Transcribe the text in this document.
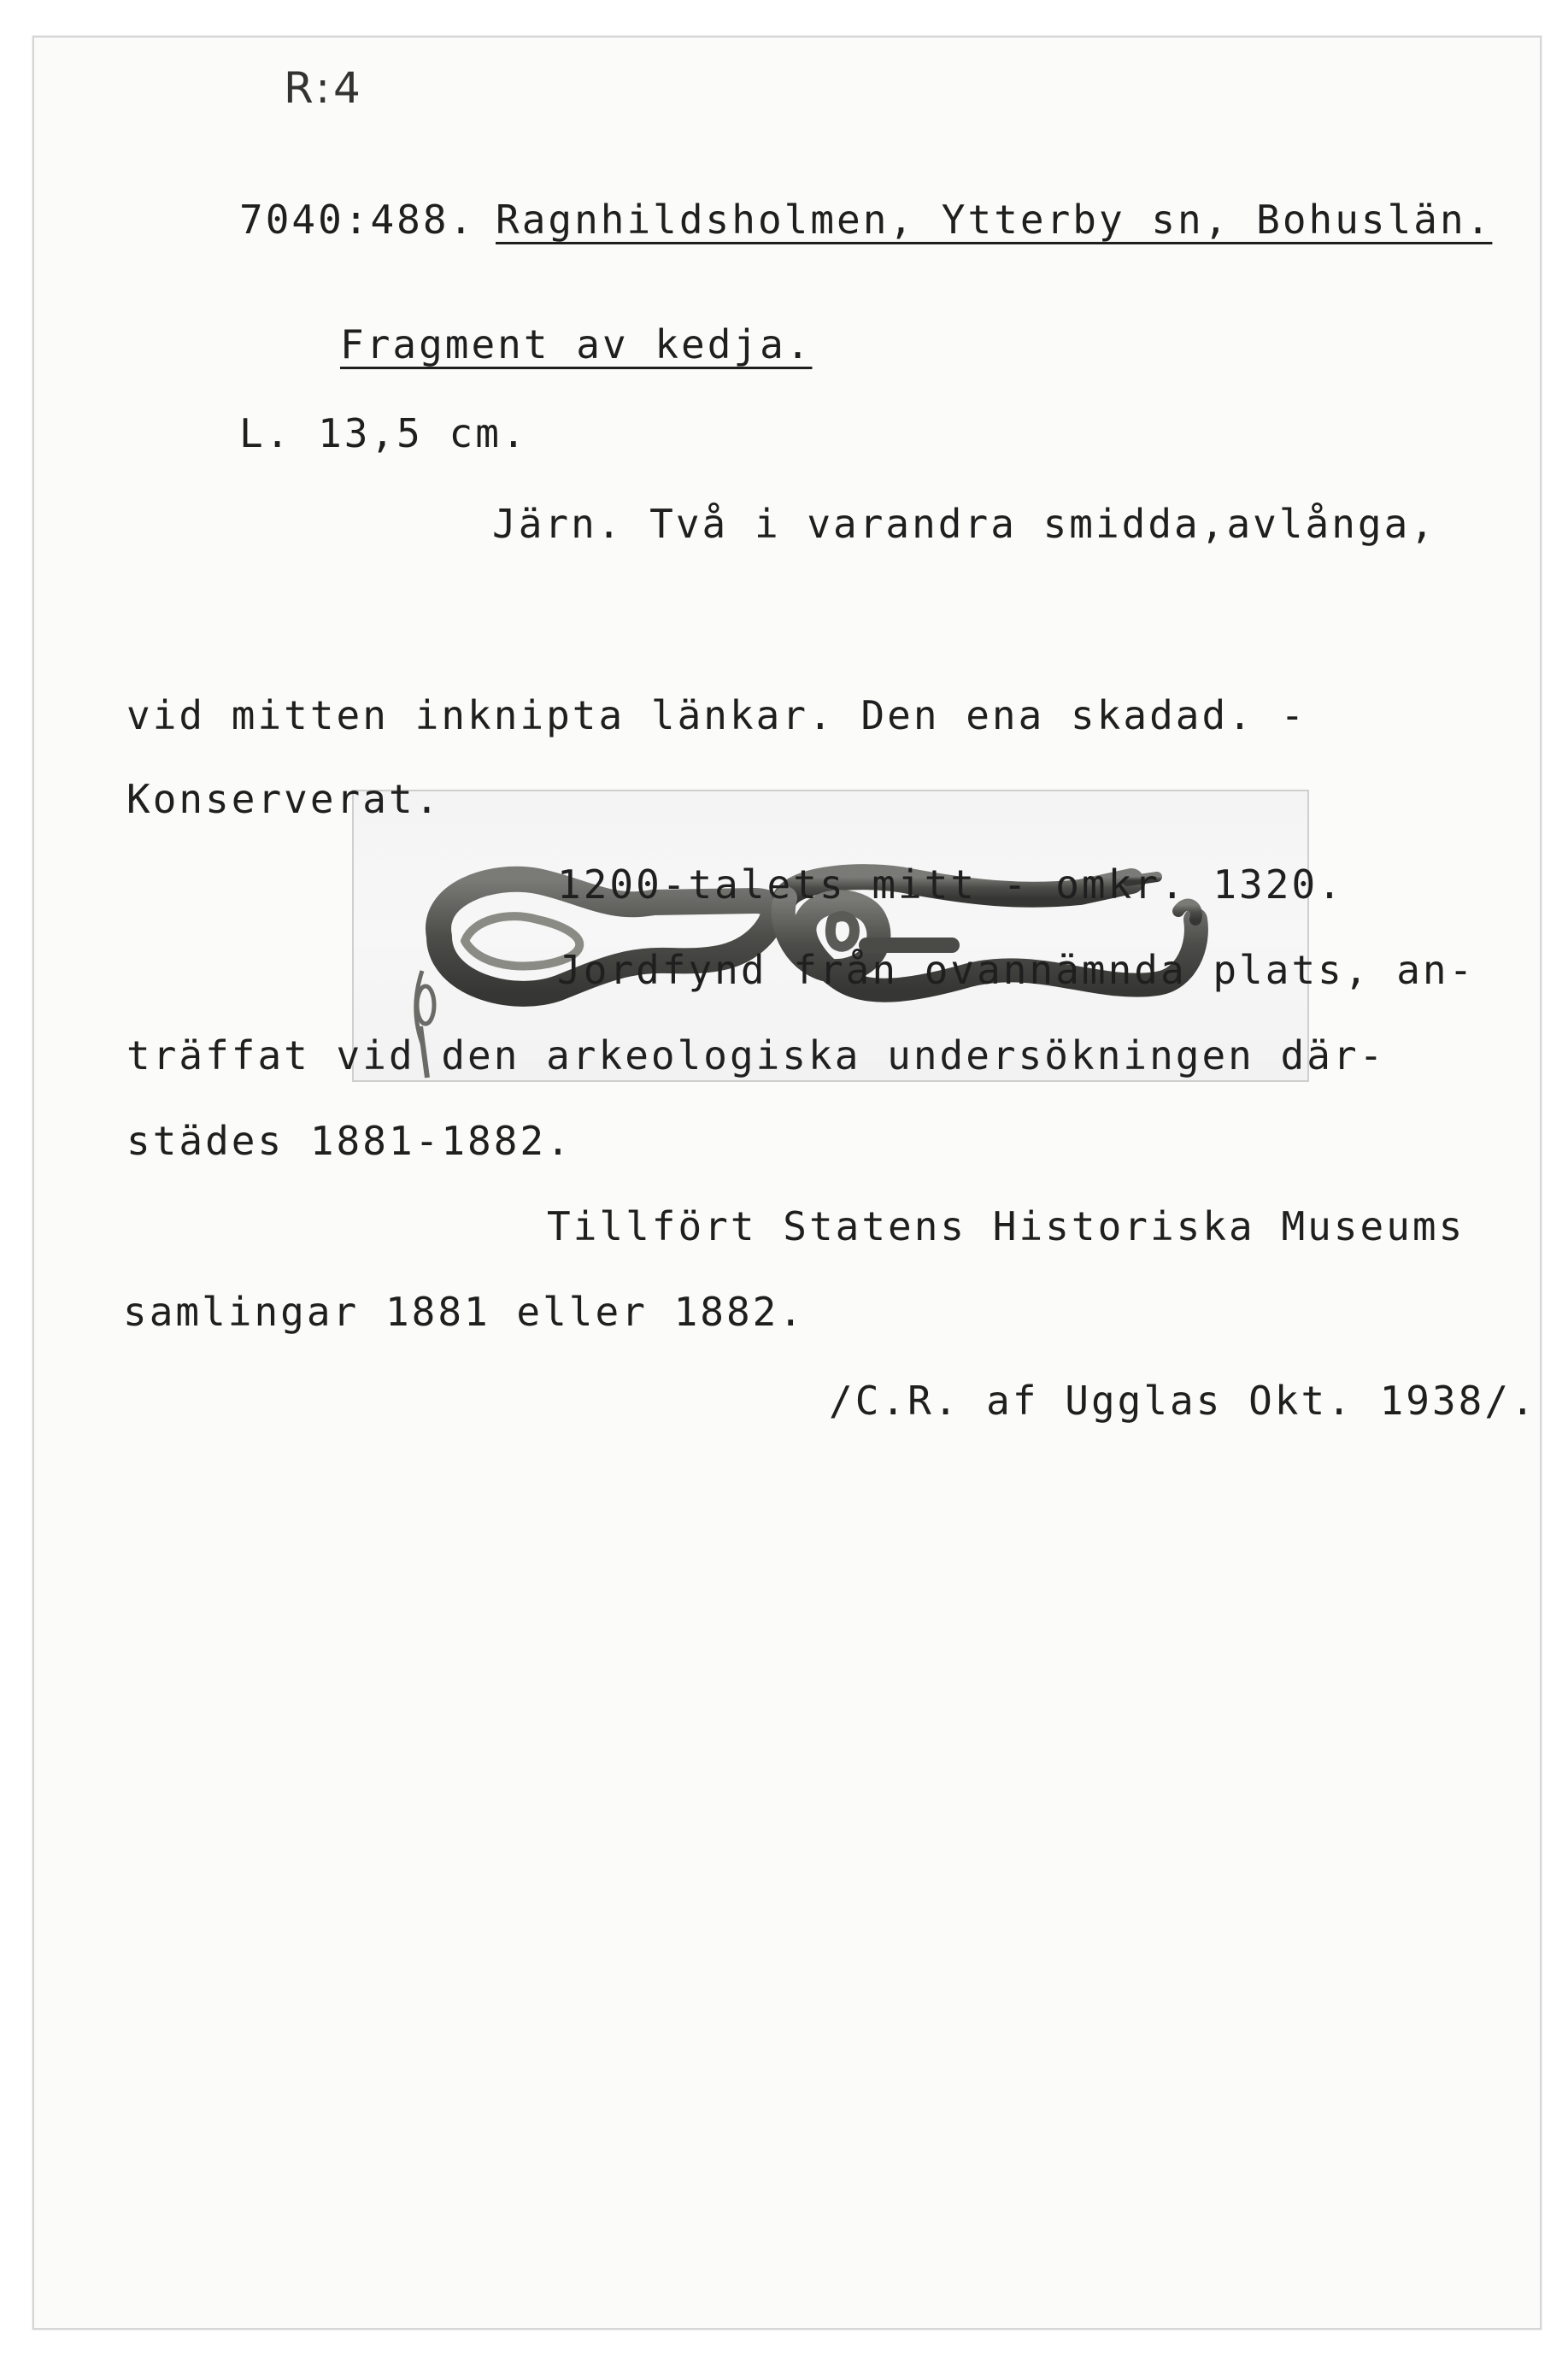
R:4
7040:488. Ragnhildsholmen, Ytterby sn, Bohuslän.
Fragment av kedja.
L. 13,5 cm.
Järn. Två i varandra smidda,avlånga,
vid mitten inknipta länkar. Den ena skadad. -
Konserverat.
1200-talets mitt - omkr. 1320.
Jordfynd från ovannämnda plats, an-
träffat vid den arkeologiska undersökningen där-
städes 1881-1882.
Tillfört Statens Historiska Museums
samlingar 1881 eller 1882.
/C.R. af Ugglas Okt. 1938/.
